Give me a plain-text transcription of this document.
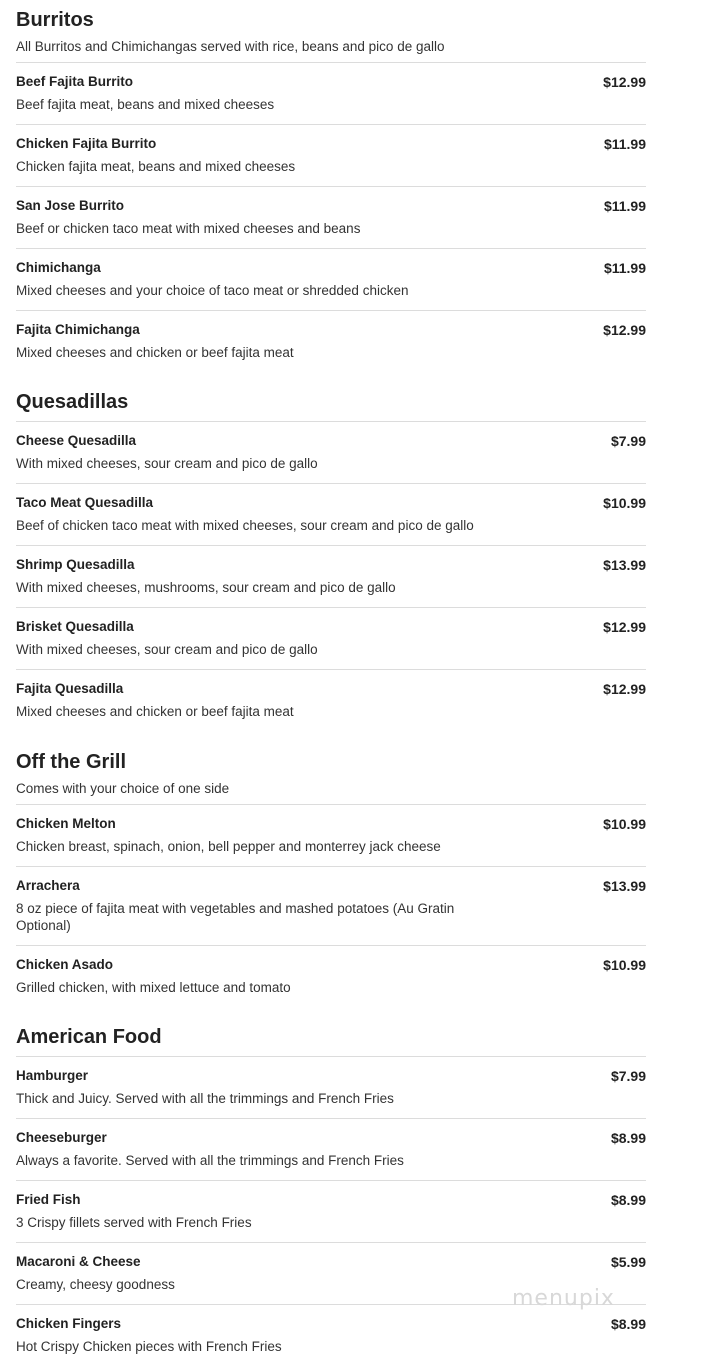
Burritos
All Burritos and Chimichangas served with rice, beans and pico de gallo
Beef Fajita Burrito	$12.99
Beef fajita meat, beans and mixed cheeses
Chicken Fajita Burrito	$11.99
Chicken fajita meat, beans and mixed cheeses
San Jose Burrito	$11.99
Beef or chicken taco meat with mixed cheeses and beans
Chimichanga	$11.99
Mixed cheeses and your choice of taco meat or shredded chicken
Fajita Chimichanga	$12.99
Mixed cheeses and chicken or beef fajita meat
Quesadillas
Cheese Quesadilla	$7.99
With mixed cheeses, sour cream and pico de gallo
Taco Meat Quesadilla	$10.99
Beef of chicken taco meat with mixed cheeses, sour cream and pico de gallo
Shrimp Quesadilla	$13.99
With mixed cheeses, mushrooms, sour cream and pico de gallo
Brisket Quesadilla	$12.99
With mixed cheeses, sour cream and pico de gallo
Fajita Quesadilla	$12.99
Mixed cheeses and chicken or beef fajita meat
Off the Grill
Comes with your choice of one side
Chicken Melton	$10.99
Chicken breast, spinach, onion, bell pepper and monterrey jack cheese
Arrachera	$13.99
8 oz piece of fajita meat with vegetables and mashed potatoes (Au Gratin Optional)
Chicken Asado	$10.99
Grilled chicken, with mixed lettuce and tomato
American Food
Hamburger	$7.99
Thick and Juicy. Served with all the trimmings and French Fries
Cheeseburger	$8.99
Always a favorite. Served with all the trimmings and French Fries
Fried Fish	$8.99
3 Crispy fillets served with French Fries
Macaroni & Cheese	$5.99
Creamy, cheesy goodness
Chicken Fingers	$8.99
Hot Crispy Chicken pieces with French Fries
menupix
